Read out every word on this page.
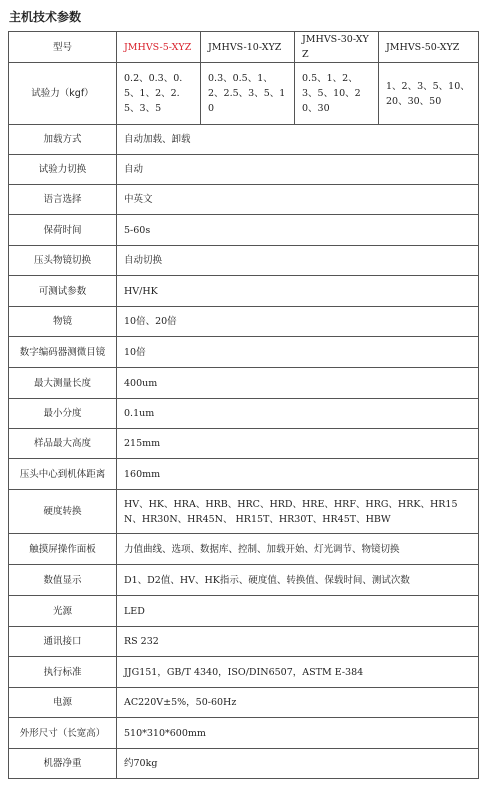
主机技术参数
型号	JMHVS-5-XYZ	JMHVS-10-XYZ	JMHVS-30-XYZ	JMHVS-50-XYZ
试验力（kgf）	0.2、0.3、0.5、1、2、2.5、3、5	0.3、0.5、1、2、2.5、3、5、10	0.5、1、2、3、5、10、20、30	1、2、3、5、10、20、30、50
加载方式	自动加载、卸载			
试验力切换	自动			
语言选择	中英文			
保荷时间	5-60s			
压头物镜切换	自动切换			
可测试参数	HV/HK			
物镜	10倍、20倍			
数字编码器测微目镜	10倍			
最大测量长度	400um			
最小分度	0.1um			
样品最大高度	215mm			
压头中心到机体距离	160mm			
硬度转换	HV、HK、HRA、HRB、HRC、HRD、HRE、HRF、HRG、HRK、HR15N、HR30N、HR45N、 HR15T、HR30T、HR45T、HBW			
触摸屏操作面板	力值曲线、选项、数据库、控制、加载开始、灯光调节、物镜切换			
数值显示	D1、D2值、HV、HK指示、硬度值、转换值、保载时间、测试次数			
光源	LED			
通讯接口	RS 232			
执行标准	JJG151，GB/T 4340，ISO/DIN6507，ASTM E-384			
电源	AC220V±5%，50-60Hz			
外形尺寸（长宽高）	510*310*600mm			
机器净重	约70kg			
